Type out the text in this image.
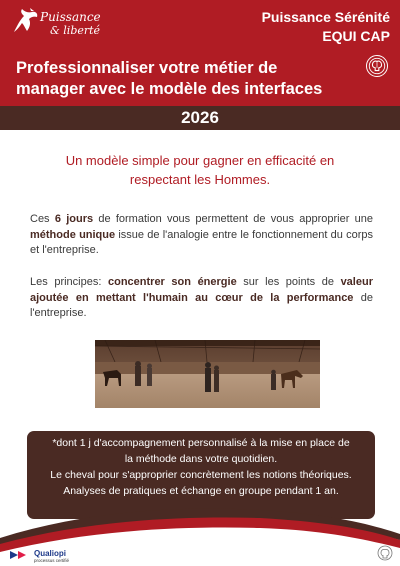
Puissance
& liberté
Puissance Sérénité
EQUI CAP
Professionnaliser votre métier de
manager avec le modèle des interfaces
2026
Un modèle simple pour gagner en efficacité en
respectant les Hommes.
Ces 6 jours de formation vous permettent de vous approprier une méthode unique issue de l'analogie entre le fonctionnement du corps et l'entreprise.
Les principes: concentrer son énergie sur les points de valeur ajoutée en mettant l'humain au cœur de la performance de l'entreprise.
*dont 1 j d'accompagnement personnalisé à la mise en place de
la méthode dans votre quotidien.
Le cheval pour s'approprier concrètement les notions théoriques.
Analyses de pratiques et échange en groupe pendant 1 an.
Qualiopi
processus certifié
